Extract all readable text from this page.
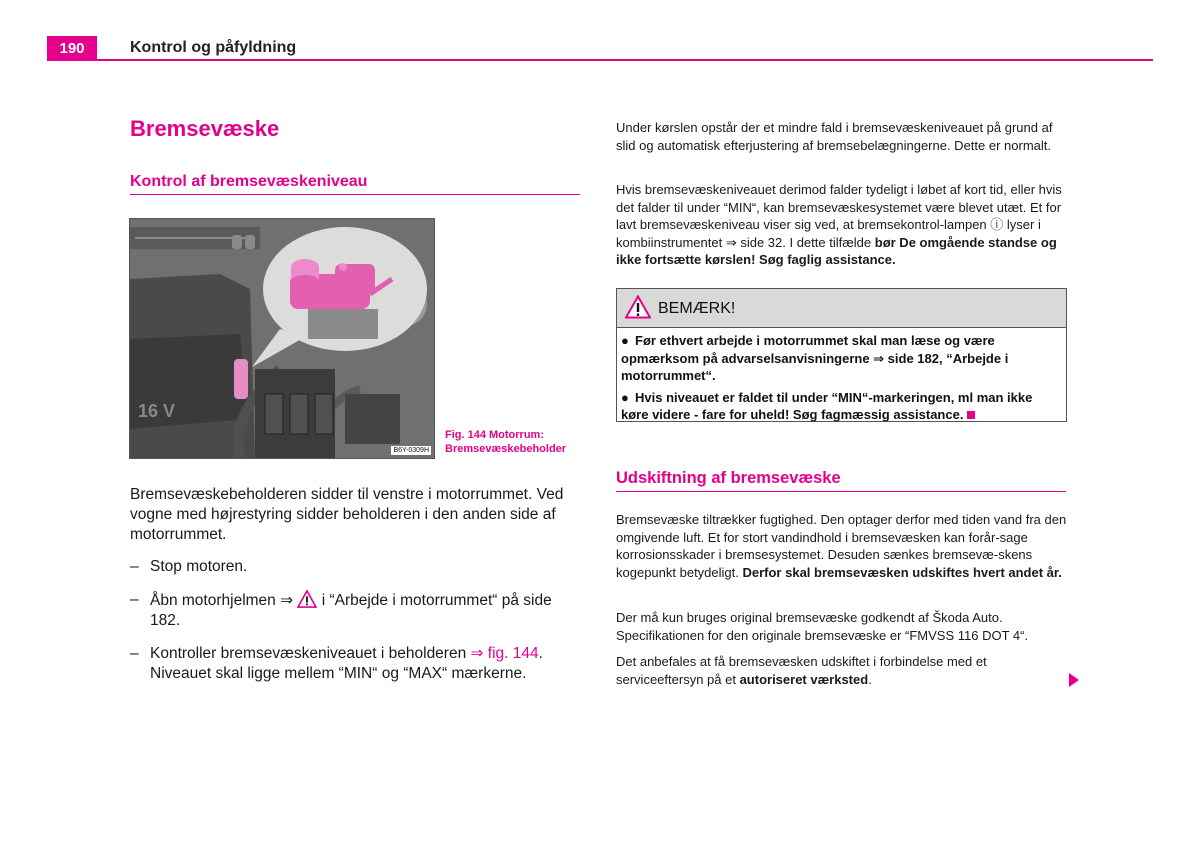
190	Kontrol og påfyldning
Bremsevæske
Kontrol af bremsevæskeniveau
16 V
B6Y-0309H
Fig. 144 Motorrum:
Bremsevæskebeholder
Bremsevæskebeholderen sidder til venstre i motorrummet. Ved vogne med højrestyring sidder beholderen i den anden side af motorrummet.
– Stop motoren.
– Åbn motorhjelmen ⇒  i “Arbejde i motorrummet“ på side 182.
– Kontroller bremsevæskeniveauet i beholderen ⇒ fig. 144. Niveauet skal ligge mellem “MIN“ og “MAX“ mærkerne.
Under kørslen opstår der et mindre fald i bremsevæskeniveauet på grund af slid og automatisk efterjustering af bremsebelægningerne. Dette er normalt.
Hvis bremsevæskeniveauet derimod falder tydeligt i løbet af kort tid, eller hvis det falder til under “MIN“, kan bremsevæskesystemet være blevet utæt. Et for lavt bremsevæskeniveau viser sig ved, at bremsekontrol-lampen ⓘ lyser i kombiinstrumentet ⇒ side 32. I dette tilfælde bør De omgående standse og ikke fortsætte kørslen! Søg faglig assistance.
BEMÆRK!
● Før ethvert arbejde i motorrummet skal man læse og være opmærksom på advarselsanvisningerne ⇒ side 182, “Arbejde i motorrummet“.
● Hvis niveauet er faldet til under “MIN“-markeringen, ml man ikke køre videre - fare for uheld! Søg fagmæssig assistance.
Udskiftning af bremsevæske
Bremsevæske tiltrækker fugtighed. Den optager derfor med tiden vand fra den omgivende luft. Et for stort vandindhold i bremsevæsken kan forår-sage korrosionsskader i bremsesystemet. Desuden sænkes bremsevæ-skens kogepunkt betydeligt. Derfor skal bremsevæsken udskiftes hvert andet år.
Der må kun bruges original bremsevæske godkendt af Škoda Auto. Specifikationen for den originale bremsevæske er “FMVSS 116 DOT 4“.
Det anbefales at få bremsevæsken udskiftet i forbindelse med et serviceeftersyn på et autoriseret værksted.
